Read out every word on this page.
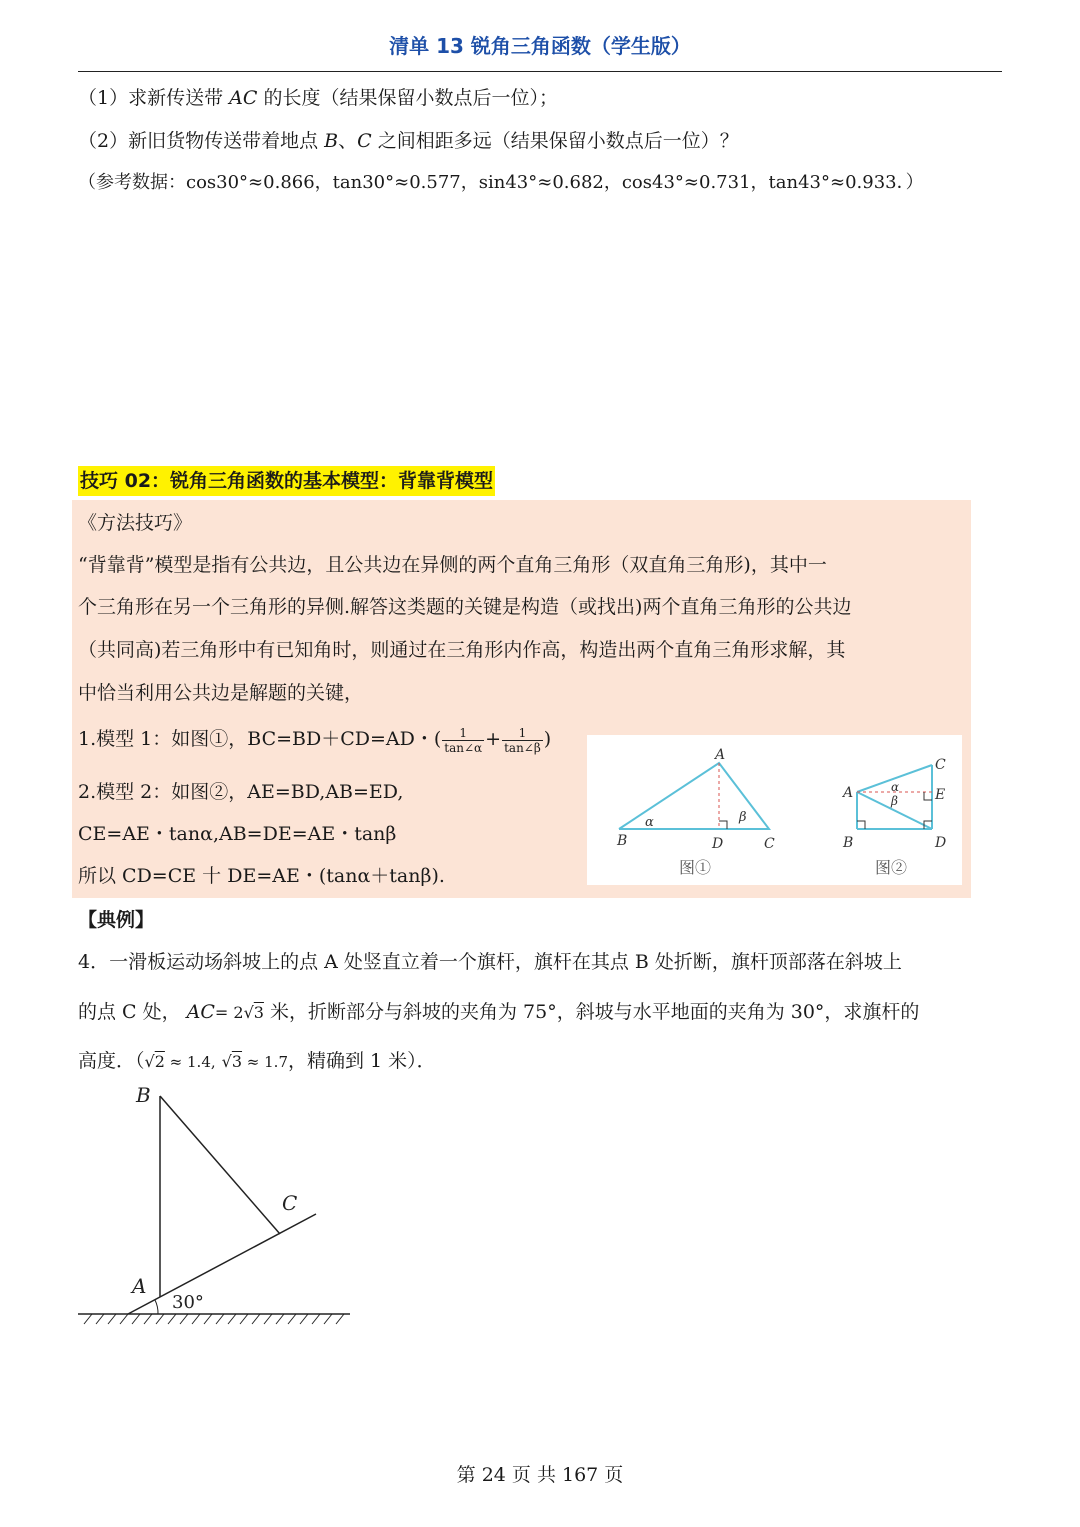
清单 13 锐角三角函数（学生版）
（1）求新传送带 AC 的长度（结果保留小数点后一位）；
（2）新旧货物传送带着地点 B、C 之间相距多远（结果保留小数点后一位）？
（参考数据：cos30°≈0.866，tan30°≈0.577，sin43°≈0.682，cos43°≈0.731，tan43°≈0.933．）
技巧 02：锐角三角函数的基本模型：背靠背模型
《方法技巧》
“背靠背”模型是指有公共边，且公共边在异侧的两个直角三角形（双直角三角形)，其中一
个三角形在另一个三角形的异侧.解答这类题的关键是构造（或找出)两个直角三角形的公共边
（共同高)若三角形中有已知角时，则通过在三角形内作高，构造出两个直角三角形求解，其
中恰当利用公共边是解题的关键，
1.模型 1：如图①，BC=BD＋CD=AD・( $\frac{1}{\tan\angle\alpha} + \frac{1}{\tan\angle\beta}$ )
2.模型 2：如图②，AE=BD,AB=ED,
CE=AE・tanα,AB=DE=AE・tanβ
所以 CD=CE 十 DE=AE・(tanα＋tanβ).
A
B	D	C
α	β
图①
A
B
C
D
E
α
β
图②
【典例】
4．一滑板运动场斜坡上的点 A 处竖直立着一个旗杆，旗杆在其点 B 处折断，旗杆顶部落在斜坡上
的点 C 处， AC= 2√3 米，折断部分与斜坡的夹角为 75°，斜坡与水平地面的夹角为 30°，求旗杆的
高度．（√2 ≈ 1.4, √3 ≈ 1.7，精确到 1 米）．
B
C
A
30°
第 24 页 共 167 页
